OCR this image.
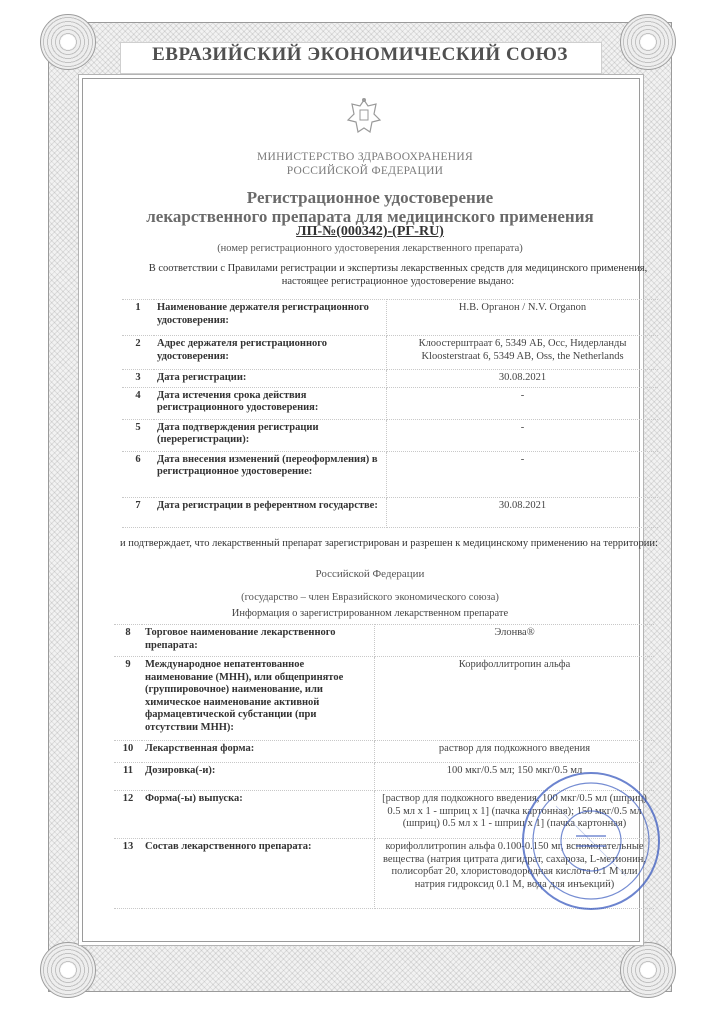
ЕВРАЗИЙСКИЙ ЭКОНОМИЧЕСКИЙ СОЮЗ
МИНИСТЕРСТВО ЗДРАВООХРАНЕНИЯ
РОССИЙСКОЙ ФЕДЕРАЦИИ
Регистрационное удостоверение
лекарственного препарата для медицинского применения
ЛП-№(000342)-(РГ-RU)
(номер регистрационного удостоверения лекарственного препарата)
В соответствии с Правилами регистрации и экспертизы лекарственных средств для медицинского применения, настоящее регистрационное удостоверение выдано:
1	Наименование держателя регистрационного удостоверения:	Н.В. Органон / N.V. Organon
2	Адрес держателя регистрационного удостоверения:	Клоостерштраат 6, 5349 АБ, Осс, Нидерланды Kloosterstraat 6, 5349 AB, Oss, the Netherlands
3	Дата регистрации:	30.08.2021
4	Дата истечения срока действия регистрационного удостоверения:	-
5	Дата подтверждения регистрации (перерегистрации):	-
6	Дата внесения изменений (переоформления) в регистрационное удостоверение:	-
7	Дата регистрации в референтном государстве:	30.08.2021
и подтверждает, что лекарственный препарат зарегистрирован и разрешен к медицинскому применению на территории:
Российской Федерации
(государство – член Евразийского экономического союза)
Информация о зарегистрированном лекарственном препарате
8	Торговое наименование лекарственного препарата:	Элонва®
9	Международное непатентованное наименование (МНН), или общепринятое (группировочное) наименование, или химическое наименование активной фармацевтической субстанции (при отсутствии МНН):	Корифоллитропин альфа
10	Лекарственная форма:	раствор для подкожного введения
11	Дозировка(-и):	100 мкг/0.5 мл; 150 мкг/0.5 мл
12	Форма(-ы) выпуска:	[раствор для подкожного введения, 100 мкг/0.5 мл (шприц) 0.5 мл x 1 - шприц x 1] (пачка картонная); 150 мкг/0.5 мл (шприц) 0.5 мл x 1 - шприц x 1] (пачка картонная)
13	Состав лекарственного препарата:	корифоллитропин альфа 0.100-0.150 мг, вспомогательные вещества (натрия цитрата дигидрат, сахароза, L-метионин, полисорбат 20, хлористоводородная кислота 0.1 М или натрия гидроксид 0.1 М, вода для инъекций)
